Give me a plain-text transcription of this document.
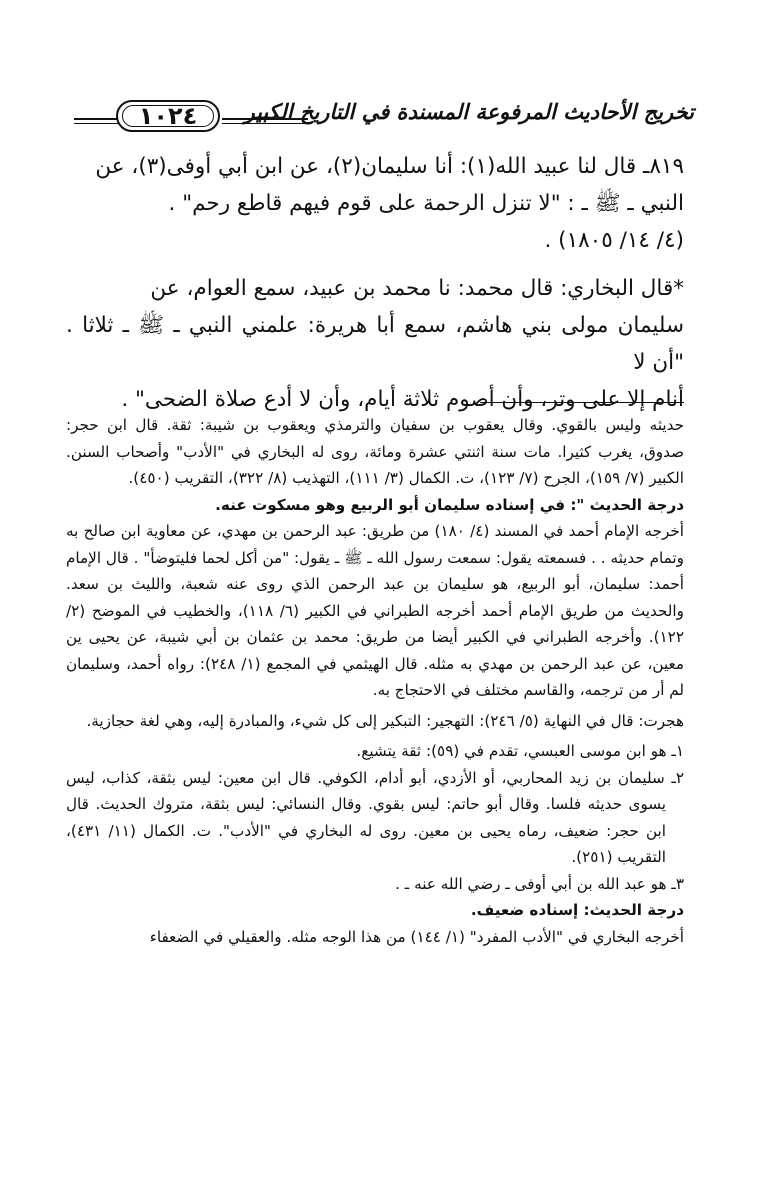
١٠٢٤	تخريج الأحاديث المرفوعة المسندة في التاريخ الكبير

٨١٩ـ قال لنا عبيد الله(١): أنا سليمان(٢)، عن ابن أبي أوفى(٣)، عن

النبي ـ ﷺ ـ : "لا تنزل الرحمة على قوم فيهم قاطع رحم" .

(٤/ ١٤/ ١٨٠٥) .

*قال البخاري: قال محمد: نا محمد بن عبيد، سمع العوام، عن

سليمان مولى بني هاشم، سمع أبا هريرة: علمني النبي ـ ﷺ ـ ثلاثا . "أن لا

أنام إلا على وتر، وأن أصوم ثلاثة أيام، وأن لا أدع صلاة الضحى" .

حديثه وليس بالقوي. وقال يعقوب بن سفيان والترمذي ويعقوب بن شيبة: ثقة. قال ابن حجر: صدوق، يغرب كثيرا. مات سنة اثنتي عشرة ومائة، روى له البخاري في "الأدب" وأصحاب السنن. الكبير (٧/ ١٥٩)، الجرح (٧/ ١٢٣)، ت. الكمال (٣/ ١١١)، التهذيب (٨/ ٣٢٢)، التقريب (٤٥٠).

درجة الحديث ": في إسناده سليمان أبو الربيع وهو مسكوت عنه.

أخرجه الإمام أحمد في المسند (٤/ ١٨٠) من طريق: عبد الرحمن بن مهدي، عن معاوية ابن صالح به وتمام حديثه . . فسمعته يقول: سمعت رسول الله ـ ﷺ ـ يقول: "من أكل لحما فليتوضأ" . قال الإمام أحمد: سليمان، أبو الربيع، هو سليمان بن عبد الرحمن الذي روى عنه شعبة، والليث بن سعد. والحديث من طريق الإمام أحمد أخرجه الطبراني في الكبير (٦/ ١١٨)، والخطيب في الموضح (٢/ ١٢٢). وأخرجه الطبراني في الكبير أيضا من طريق: محمد بن عثمان بن أبي شيبة، عن يحيى ين معين، عن عبد الرحمن بن مهدي به مثله. قال الهيثمي في المجمع (١/ ٢٤٨): رواه أحمد، وسليمان لم أر من ترجمه، والقاسم مختلف في الاحتجاج به.

هجرت: قال في النهاية (٥/ ٢٤٦): التهجير: التبكير إلى كل شيء، والمبادرة إليه، وهي لغة حجازية.

١ـ هو ابن موسى العبسي، تقدم في (٥٩): ثقة يتشيع.

٢ـ سليمان بن زيد المحاربي، أو الأزدي، أبو أدام، الكوفي. قال ابن معين: ليس بثقة، كذاب، ليس يسوى حديثه فلسا. وقال أبو حاتم: ليس بقوي. وقال النسائي: ليس بثقة، متروك الحديث. قال ابن حجر: ضعيف، رماه يحيى بن معين. روى له البخاري في "الأدب". ت. الكمال (١١/ ٤٣١)، التقريب (٢٥١).

٣ـ هو عبد الله بن أبي أوفى ـ رضي الله عنه ـ .

درجة الحديث: إسناده ضعيف.

أخرجه البخاري في "الأدب المفرد" (١/ ١٤٤) من هذا الوجه مثله. والعقيلي في الضعفاء
